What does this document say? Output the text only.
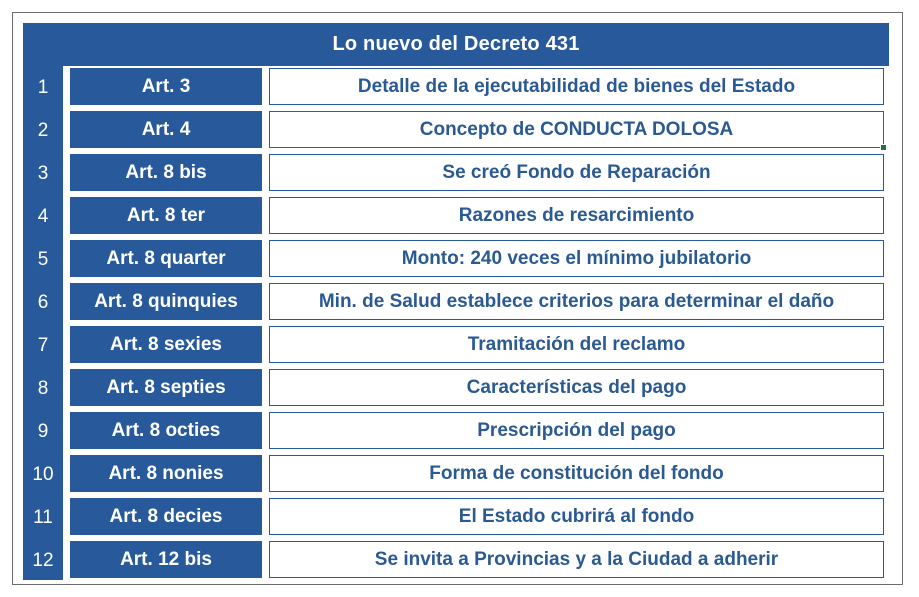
Lo nuevo del Decreto 431
1	Art. 3	Detalle de la ejecutabilidad de bienes del Estado
2	Art. 4	Concepto de CONDUCTA DOLOSA
3	Art. 8 bis	Se creó Fondo de Reparación
4	Art. 8 ter	Razones de resarcimiento
5	Art. 8 quarter	Monto: 240 veces el mínimo jubilatorio
6	Art. 8 quinquies	Min. de Salud establece criterios para determinar el daño
7	Art. 8 sexies	Tramitación del reclamo
8	Art. 8 septies	Características del pago
9	Art. 8 octies	Prescripción del pago
10	Art. 8 nonies	Forma de constitución del fondo
11	Art. 8 decies	El Estado cubrirá al fondo
12	Art. 12 bis	Se invita a Provincias y a la Ciudad a adherir
